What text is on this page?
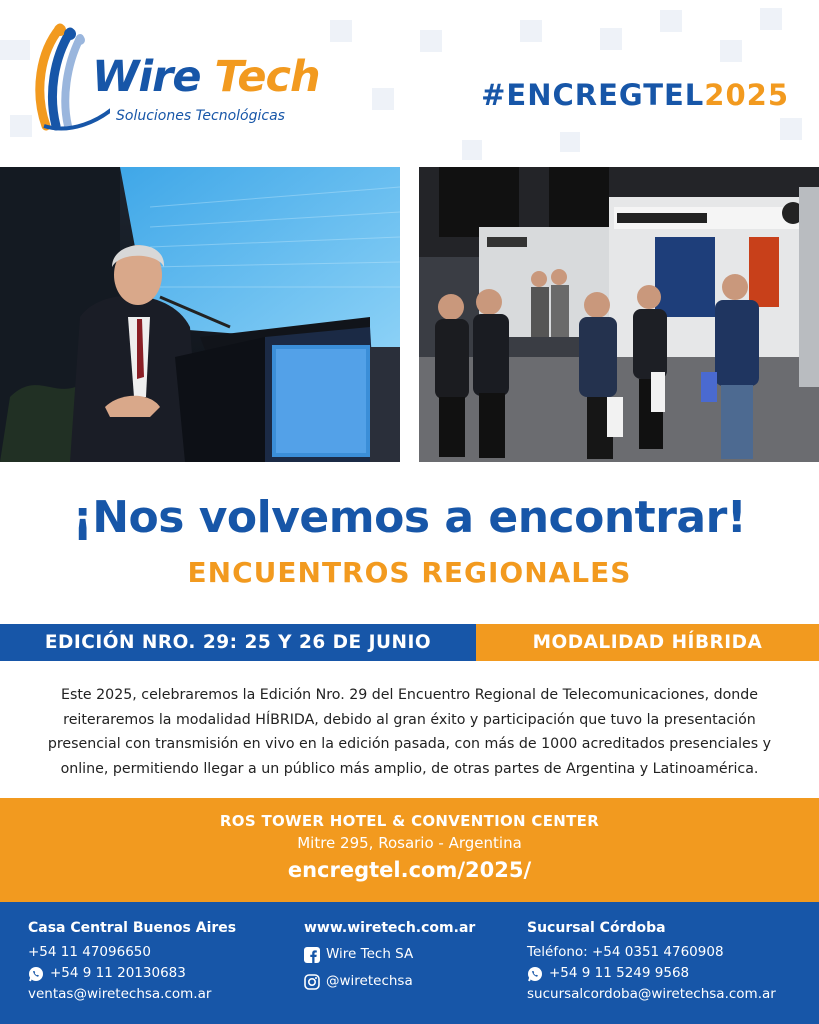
Wire Tech
Soluciones Tecnológicas
#ENCREGTEL2025
¡Nos volvemos a encontrar!
ENCUENTROS REGIONALES
EDICIÓN NRO. 29: 25 Y 26 DE JUNIO	MODALIDAD HÍBRIDA
Este 2025, celebraremos la Edición Nro. 29 del Encuentro Regional de Telecomunicaciones, donde reiteraremos la modalidad HÍBRIDA, debido al gran éxito y participación que tuvo la presentación presencial con transmisión en vivo en la edición pasada, con más de 1000 acreditados presenciales y online, permitiendo llegar a un público más amplio, de otras partes de Argentina y Latinoamérica.
ROS TOWER HOTEL & CONVENTION CENTER
Mitre 295, Rosario - Argentina
encregtel.com/2025/
Casa Central Buenos Aires
+54 11 47096650
+54 9 11 20130683
ventas@wiretechsa.com.ar
www.wiretech.com.ar
Wire Tech SA
@wiretechsa
Sucursal Córdoba
Teléfono: +54 0351 4760908
+54 9 11 5249 9568
sucursalcordoba@wiretechsa.com.ar
